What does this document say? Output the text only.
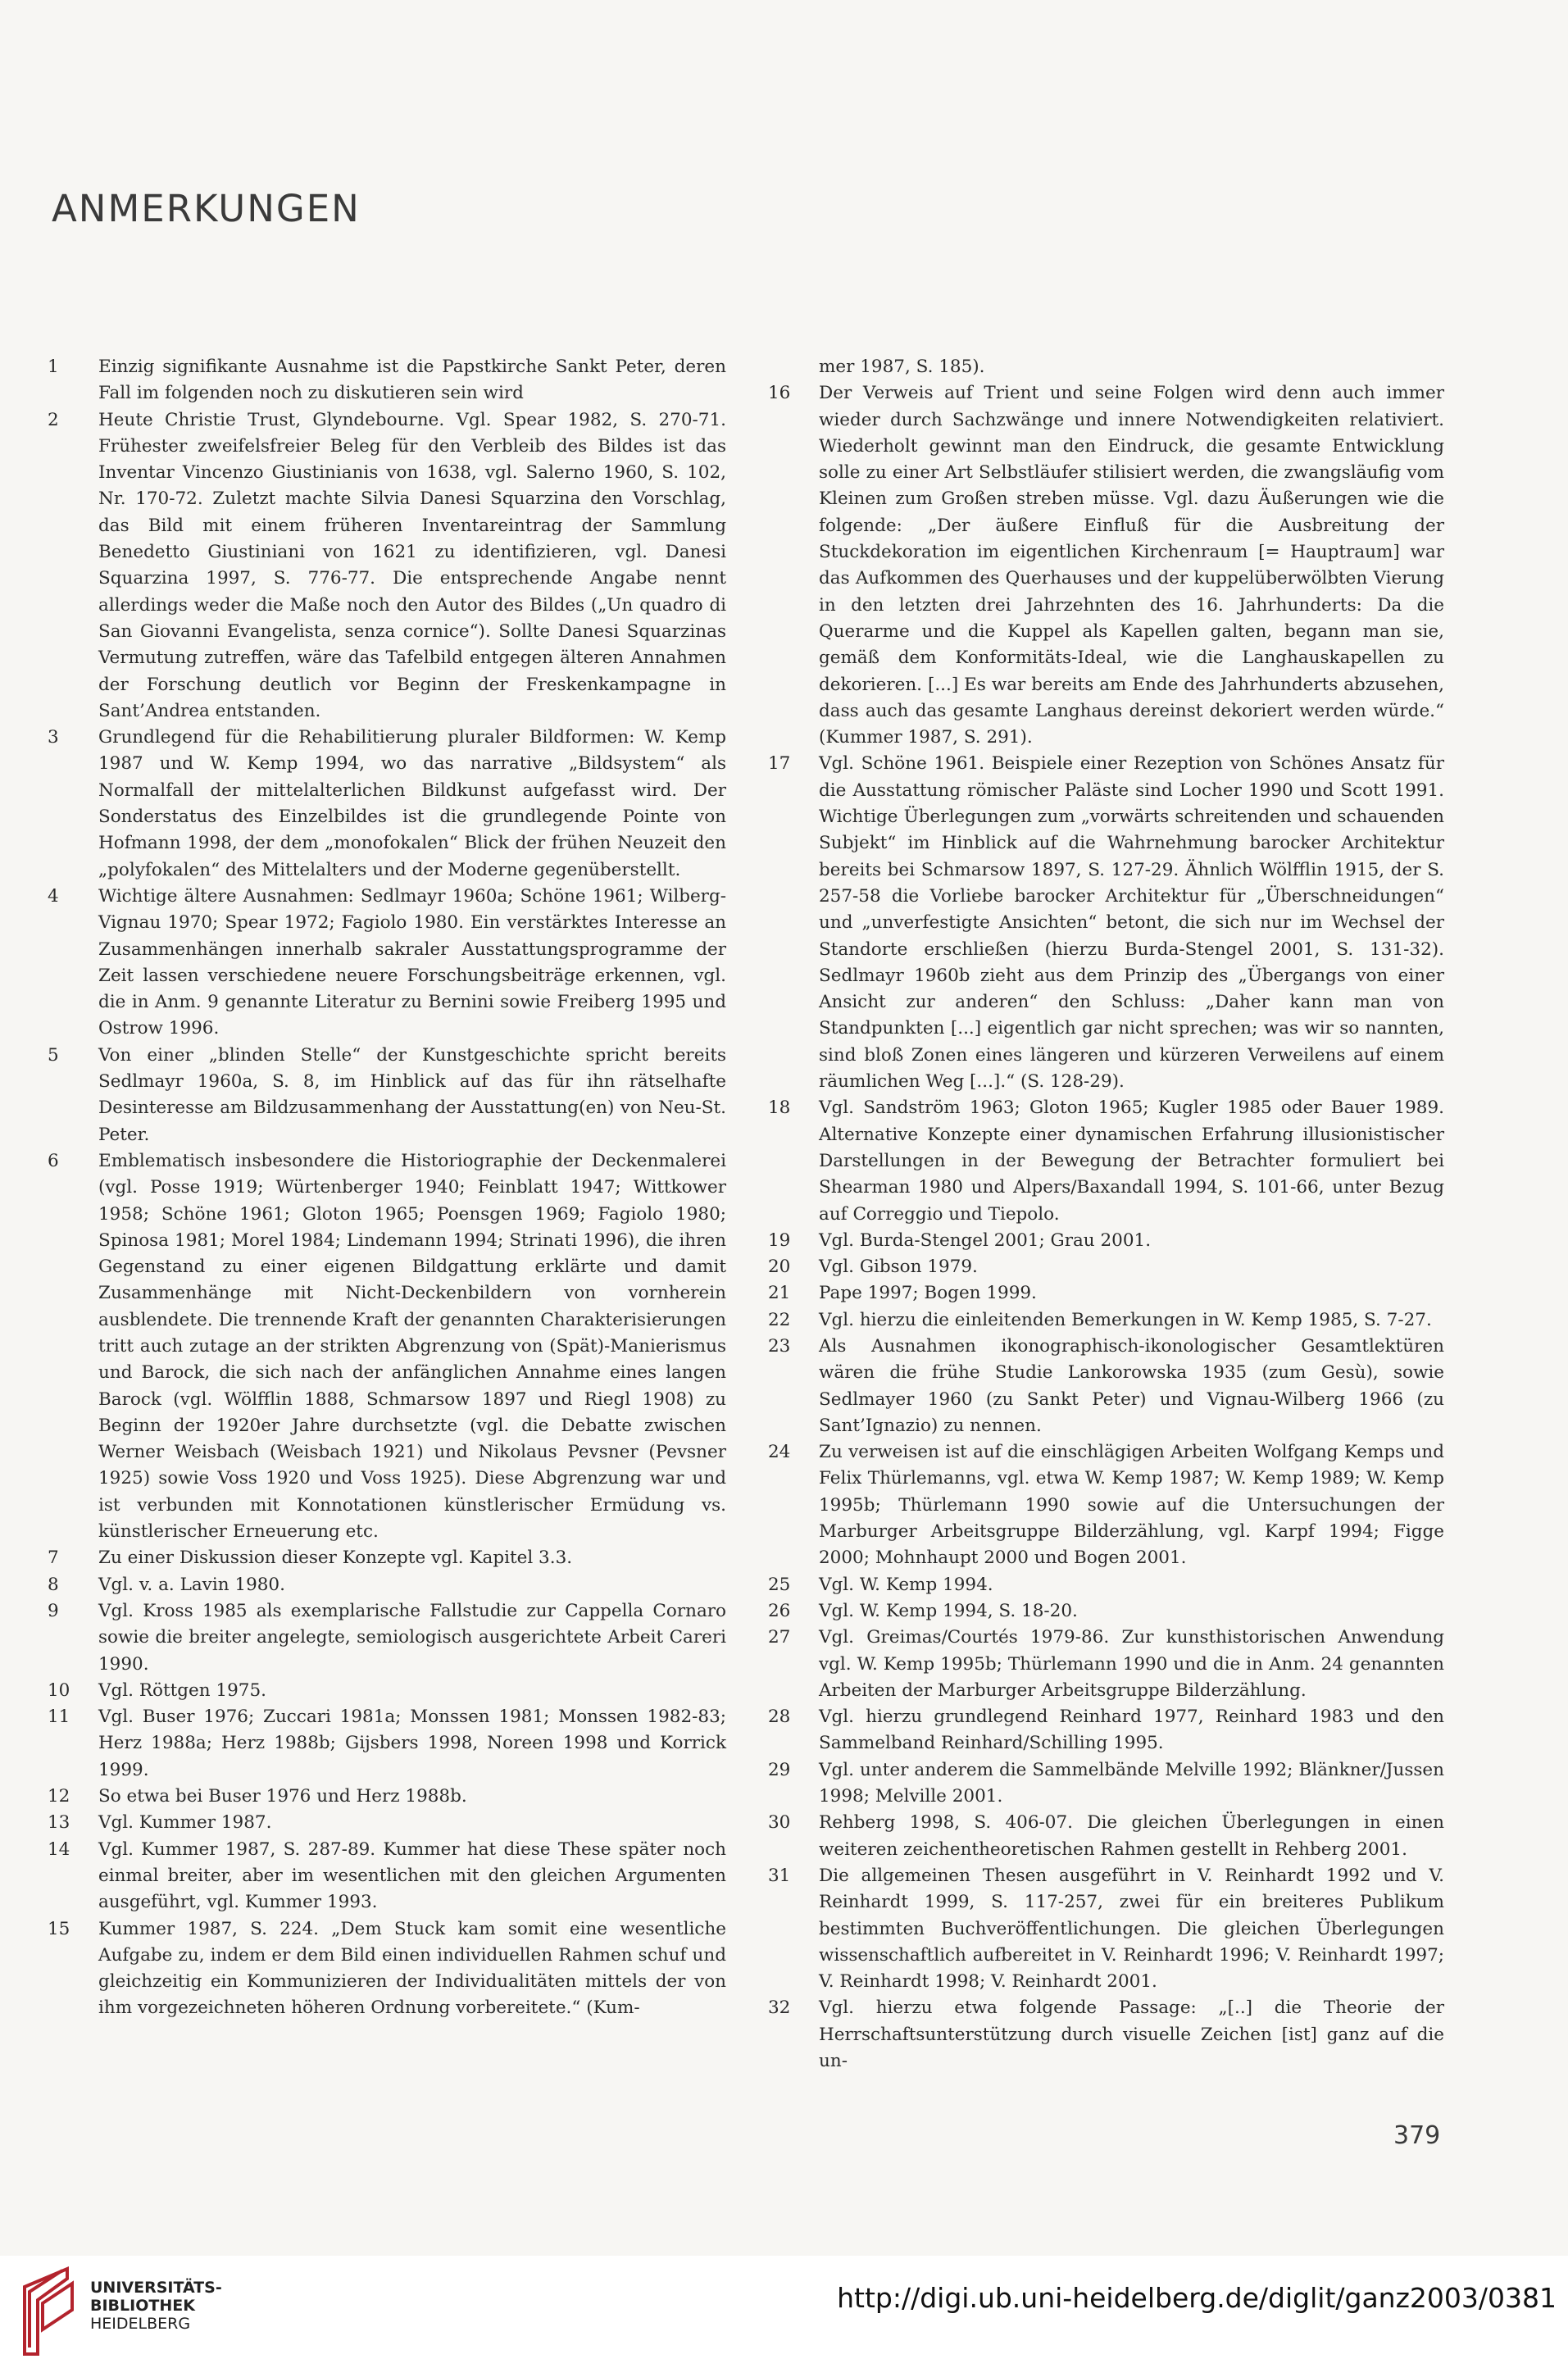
ANMERKUNGEN
1	Einzig signifikante Ausnahme ist die Papstkirche Sankt Peter, deren Fall im folgenden noch zu diskutieren sein wird
2	Heute Christie Trust, Glyndebourne. Vgl. Spear 1982, S. 270-71. Frühester zweifelsfreier Beleg für den Verbleib des Bildes ist das Inventar Vincenzo Giustinianis von 1638, vgl. Salerno 1960, S. 102, Nr. 170-72. Zuletzt machte Silvia Danesi Squarzina den Vorschlag, das Bild mit einem früheren Inventareintrag der Sammlung Benedetto Giustiniani von 1621 zu identifizieren, vgl. Danesi Squarzina 1997, S. 776-77. Die entsprechende Angabe nennt allerdings weder die Maße noch den Autor des Bildes („Un quadro di San Giovanni Evangelista, senza cornice“). Sollte Danesi Squarzinas Vermutung zutreffen, wäre das Tafelbild entgegen älteren Annahmen der Forschung deutlich vor Beginn der Freskenkampagne in Sant’Andrea entstanden.
3	Grundlegend für die Rehabilitierung pluraler Bildformen: W. Kemp 1987 und W. Kemp 1994, wo das narrative „Bildsystem“ als Normalfall der mittelalterlichen Bildkunst aufgefasst wird. Der Sonderstatus des Einzelbildes ist die grundlegende Pointe von Hofmann 1998, der dem „monofokalen“ Blick der frühen Neuzeit den „polyfokalen“ des Mittelalters und der Moderne gegenüberstellt.
4	Wichtige ältere Ausnahmen: Sedlmayr 1960a; Schöne 1961; Wilberg-Vignau 1970; Spear 1972; Fagiolo 1980. Ein verstärktes Interesse an Zusammenhängen innerhalb sakraler Ausstattungsprogramme der Zeit lassen verschiedene neuere Forschungsbeiträge erkennen, vgl. die in Anm. 9 genannte Literatur zu Bernini sowie Freiberg 1995 und Ostrow 1996.
5	Von einer „blinden Stelle“ der Kunstgeschichte spricht bereits Sedlmayr 1960a, S. 8, im Hinblick auf das für ihn rätselhafte Desinteresse am Bildzusammenhang der Ausstattung(en) von Neu-St. Peter.
6	Emblematisch insbesondere die Historiographie der Deckenmalerei (vgl. Posse 1919; Würtenberger 1940; Feinblatt 1947; Wittkower 1958; Schöne 1961; Gloton 1965; Poensgen 1969; Fagiolo 1980; Spinosa 1981; Morel 1984; Lindemann 1994; Strinati 1996), die ihren Gegenstand zu einer eigenen Bildgattung erklärte und damit Zusammenhänge mit Nicht-Deckenbildern von vornherein ausblendete. Die trennende Kraft der genannten Charakterisierungen tritt auch zutage an der strikten Abgrenzung von (Spät)-Manierismus und Barock, die sich nach der anfänglichen Annahme eines langen Barock (vgl. Wölfflin 1888, Schmarsow 1897 und Riegl 1908) zu Beginn der 1920er Jahre durchsetzte (vgl. die Debatte zwischen Werner Weisbach (Weisbach 1921) und Nikolaus Pevsner (Pevsner 1925) sowie Voss 1920 und Voss 1925). Diese Abgrenzung war und ist verbunden mit Konnotationen künstlerischer Ermüdung vs. künstlerischer Erneuerung etc.
7	Zu einer Diskussion dieser Konzepte vgl. Kapitel 3.3.
8	Vgl. v. a. Lavin 1980.
9	Vgl. Kross 1985 als exemplarische Fallstudie zur Cappella Cornaro sowie die breiter angelegte, semiologisch ausgerichtete Arbeit Careri 1990.
10	Vgl. Röttgen 1975.
11	Vgl. Buser 1976; Zuccari 1981a; Monssen 1981; Monssen 1982-83; Herz 1988a; Herz 1988b; Gijsbers 1998, Noreen 1998 und Korrick 1999.
12	So etwa bei Buser 1976 und Herz 1988b.
13	Vgl. Kummer 1987.
14	Vgl. Kummer 1987, S. 287-89. Kummer hat diese These später noch einmal breiter, aber im wesentlichen mit den gleichen Argumenten ausgeführt, vgl. Kummer 1993.
15	Kummer 1987, S. 224. „Dem Stuck kam somit eine wesentliche Aufgabe zu, indem er dem Bild einen individuellen Rahmen schuf und gleichzeitig ein Kommunizieren der Individualitäten mittels der von ihm vorgezeichneten höheren Ordnung vorbereitete.“ (Kum-
mer 1987, S. 185).
16	Der Verweis auf Trient und seine Folgen wird denn auch immer wieder durch Sachzwänge und innere Notwendigkeiten relativiert. Wiederholt gewinnt man den Eindruck, die gesamte Entwicklung solle zu einer Art Selbstläufer stilisiert werden, die zwangsläufig vom Kleinen zum Großen streben müsse. Vgl. dazu Äußerungen wie die folgende: „Der äußere Einfluß für die Ausbreitung der Stuckdekoration im eigentlichen Kirchenraum [= Hauptraum] war das Aufkommen des Querhauses und der kuppelüberwölbten Vierung in den letzten drei Jahrzehnten des 16. Jahrhunderts: Da die Querarme und die Kuppel als Kapellen galten, begann man sie, gemäß dem Konformitäts-Ideal, wie die Langhauskapellen zu dekorieren. [...] Es war bereits am Ende des Jahrhunderts abzusehen, dass auch das gesamte Langhaus dereinst dekoriert werden würde.“ (Kummer 1987, S. 291).
17	Vgl. Schöne 1961. Beispiele einer Rezeption von Schönes Ansatz für die Ausstattung römischer Paläste sind Locher 1990 und Scott 1991. Wichtige Überlegungen zum „vorwärts schreitenden und schauenden Subjekt“ im Hinblick auf die Wahrnehmung barocker Architektur bereits bei Schmarsow 1897, S. 127-29. Ähnlich Wölfflin 1915, der S. 257-58 die Vorliebe barocker Architektur für „Überschneidungen“ und „unverfestigte Ansichten“ betont, die sich nur im Wechsel der Standorte erschließen (hierzu Burda-Stengel 2001, S. 131-32). Sedlmayr 1960b zieht aus dem Prinzip des „Übergangs von einer Ansicht zur anderen“ den Schluss: „Daher kann man von Standpunkten [...] eigentlich gar nicht sprechen; was wir so nannten, sind bloß Zonen eines längeren und kürzeren Verweilens auf einem räumlichen Weg [...].“ (S. 128-29).
18	Vgl. Sandström 1963; Gloton 1965; Kugler 1985 oder Bauer 1989. Alternative Konzepte einer dynamischen Erfahrung illusionistischer Darstellungen in der Bewegung der Betrachter formuliert bei Shearman 1980 und Alpers/Baxandall 1994, S. 101-66, unter Bezug auf Correggio und Tiepolo.
19	Vgl. Burda-Stengel 2001; Grau 2001.
20	Vgl. Gibson 1979.
21	Pape 1997; Bogen 1999.
22	Vgl. hierzu die einleitenden Bemerkungen in W. Kemp 1985, S. 7-27.
23	Als Ausnahmen ikonographisch-ikonologischer Gesamtlektüren wären die frühe Studie Lankorowska 1935 (zum Gesù), sowie Sedlmayer 1960 (zu Sankt Peter) und Vignau-Wilberg 1966 (zu Sant’Ignazio) zu nennen.
24	Zu verweisen ist auf die einschlägigen Arbeiten Wolfgang Kemps und Felix Thürlemanns, vgl. etwa W. Kemp 1987; W. Kemp 1989; W. Kemp 1995b; Thürlemann 1990 sowie auf die Untersuchungen der Marburger Arbeitsgruppe Bilderzählung, vgl. Karpf 1994; Figge 2000; Mohnhaupt 2000 und Bogen 2001.
25	Vgl. W. Kemp 1994.
26	Vgl. W. Kemp 1994, S. 18-20.
27	Vgl. Greimas/Courtés 1979-86. Zur kunsthistorischen Anwendung vgl. W. Kemp 1995b; Thürlemann 1990 und die in Anm. 24 genannten Arbeiten der Marburger Arbeitsgruppe Bilderzählung.
28	Vgl. hierzu grundlegend Reinhard 1977, Reinhard 1983 und den Sammelband Reinhard/Schilling 1995.
29	Vgl. unter anderem die Sammelbände Melville 1992; Blänkner/Jussen 1998; Melville 2001.
30	Rehberg 1998, S. 406-07. Die gleichen Überlegungen in einen weiteren zeichentheoretischen Rahmen gestellt in Rehberg 2001.
31	Die allgemeinen Thesen ausgeführt in V. Reinhardt 1992 und V. Reinhardt 1999, S. 117-257, zwei für ein breiteres Publikum bestimmten Buchveröffentlichungen. Die gleichen Überlegungen wissenschaftlich aufbereitet in V. Reinhardt 1996; V. Reinhardt 1997; V. Reinhardt 1998; V. Reinhardt 2001.
32	Vgl. hierzu etwa folgende Passage: „[..] die Theorie der Herrschaftsunterstützung durch visuelle Zeichen [ist] ganz auf die un-
379
UNIVERSITÄTS-
BIBLIOTHEK
HEIDELBERG
http://digi.ub.uni-heidelberg.de/diglit/ganz2003/0381
